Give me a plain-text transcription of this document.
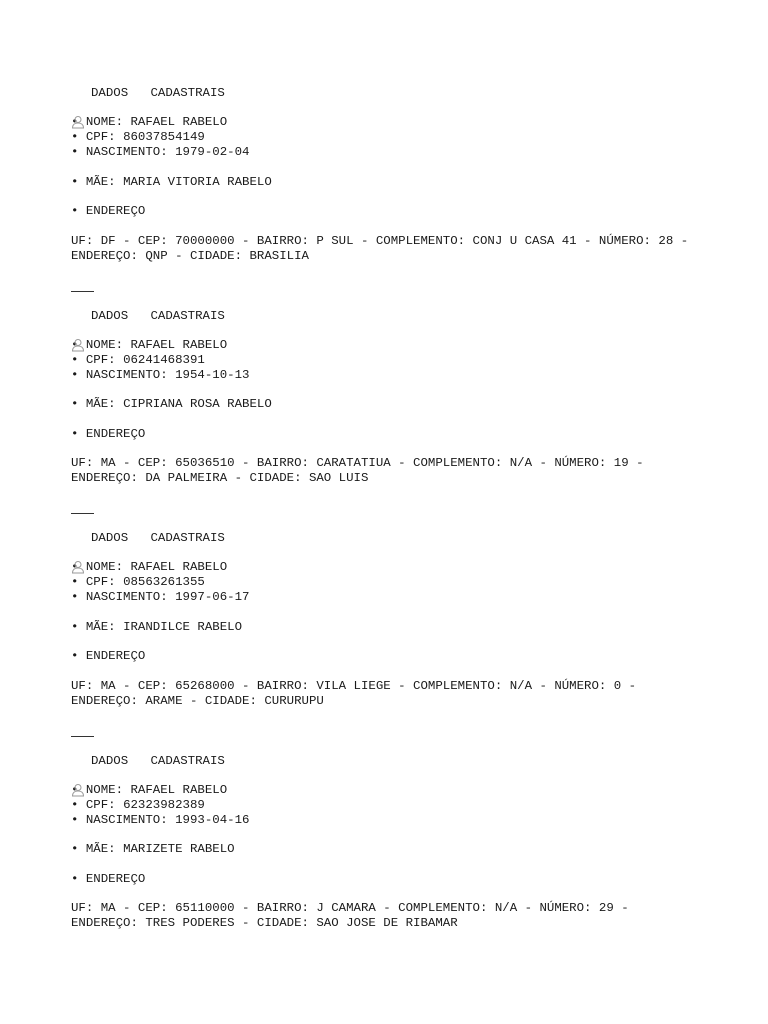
DADOS   CADASTRAIS
• NOME: RAFAEL RABELO
• CPF: 86037854149
• NASCIMENTO: 1979-02-04
• MÃE: MARIA VITORIA RABELO
• ENDEREÇO
UF: DF - CEP: 70000000 - BAIRRO: P SUL - COMPLEMENTO: CONJ U CASA 41 - NÚMERO: 28 -
ENDEREÇO: QNP - CIDADE: BRASILIA

DADOS   CADASTRAIS
• NOME: RAFAEL RABELO
• CPF: 06241468391
• NASCIMENTO: 1954-10-13
• MÃE: CIPRIANA ROSA RABELO
• ENDEREÇO
UF: MA - CEP: 65036510 - BAIRRO: CARATATIUA - COMPLEMENTO: N/A - NÚMERO: 19 -
ENDEREÇO: DA PALMEIRA - CIDADE: SAO LUIS

DADOS   CADASTRAIS
• NOME: RAFAEL RABELO
• CPF: 08563261355
• NASCIMENTO: 1997-06-17
• MÃE: IRANDILCE RABELO
• ENDEREÇO
UF: MA - CEP: 65268000 - BAIRRO: VILA LIEGE - COMPLEMENTO: N/A - NÚMERO: 0 -
ENDEREÇO: ARAME - CIDADE: CURURUPU

DADOS   CADASTRAIS
• NOME: RAFAEL RABELO
• CPF: 62323982389
• NASCIMENTO: 1993-04-16
• MÃE: MARIZETE RABELO
• ENDEREÇO
UF: MA - CEP: 65110000 - BAIRRO: J CAMARA - COMPLEMENTO: N/A - NÚMERO: 29 -
ENDEREÇO: TRES PODERES - CIDADE: SAO JOSE DE RIBAMAR
